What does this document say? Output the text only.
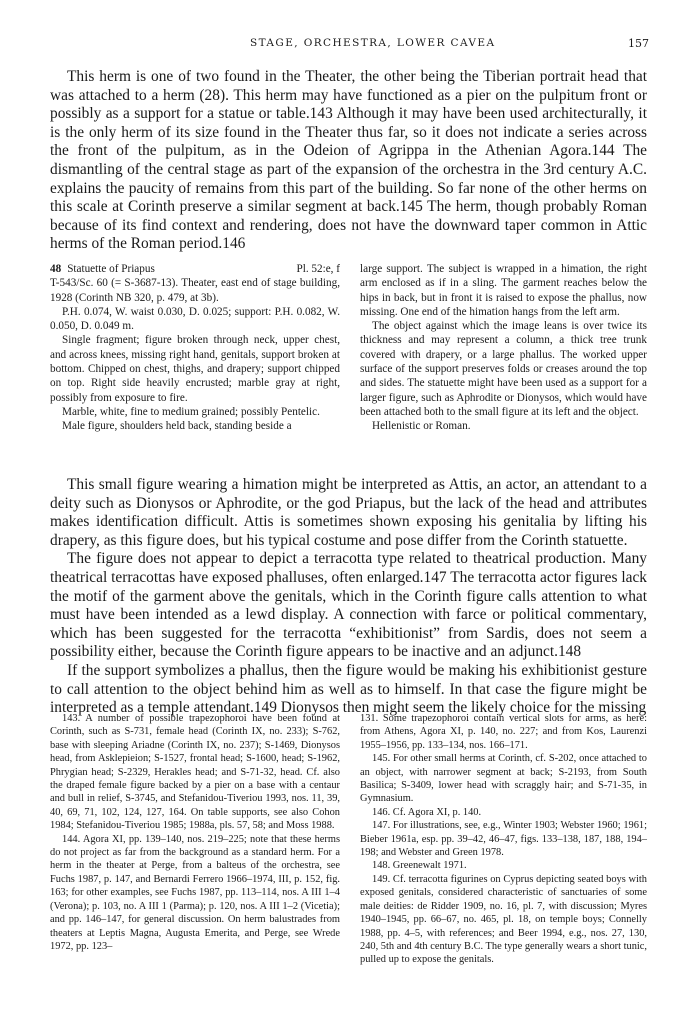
STAGE, ORCHESTRA, LOWER CAVEA	157

This herm is one of two found in the Theater, the other being the Tiberian portrait head that was attached to a herm (28). This herm may have functioned as a pier on the pulpitum front or possibly as a support for a statue or table.143 Although it may have been used architecturally, it is the only herm of its size found in the Theater thus far, so it does not indicate a series across the front of the pulpitum, as in the Odeion of Agrippa in the Athenian Agora.144 The dismantling of the central stage as part of the expansion of the orchestra in the 3rd century A.C. explains the paucity of remains from this part of the building. So far none of the other herms on this scale at Corinth preserve a similar segment at back.145 The herm, though probably Roman because of its find context and rendering, does not have the downward taper common in Attic herms of the Roman period.146

48 Statuette of Priapus	Pl. 52:e, f

T-543/Sc. 60 (= S-3687-13). Theater, east end of stage building, 1928 (Corinth NB 320, p. 479, at 3b).

P.H. 0.074, W. waist 0.030, D. 0.025; support: P.H. 0.082, W. 0.050, D. 0.049 m.

Single fragment; figure broken through neck, upper chest, and across knees, missing right hand, genitals, support broken at bottom. Chipped on chest, thighs, and drapery; support chipped on top. Right side heavily encrusted; marble gray at right, possibly from exposure to fire.

Marble, white, fine to medium grained; possibly Pentelic.

Male figure, shoulders held back, standing beside a

large support. The subject is wrapped in a himation, the right arm enclosed as if in a sling. The garment reaches below the hips in back, but in front it is raised to expose the phallus, now missing. One end of the himation hangs from the left arm.

The object against which the image leans is over twice its thickness and may represent a column, a thick tree trunk covered with drapery, or a large phallus. The worked upper surface of the support preserves folds or creases around the top and sides. The statuette might have been used as a support for a larger figure, such as Aphrodite or Dionysos, which would have been attached both to the small figure at its left and the object.

Hellenistic or Roman.

This small figure wearing a himation might be interpreted as Attis, an actor, an attendant to a deity such as Dionysos or Aphrodite, or the god Priapus, but the lack of the head and attributes makes identification difficult. Attis is sometimes shown exposing his genitalia by lifting his drapery, as this figure does, but his typical costume and pose differ from the Corinth statuette.

The figure does not appear to depict a terracotta type related to theatrical production. Many theatrical terracottas have exposed phalluses, often enlarged.147 The terracotta actor figures lack the motif of the garment above the genitals, which in the Corinth figure calls attention to what must have been intended as a lewd display. A connection with farce or political commentary, which has been suggested for the terracotta “exhibitionist” from Sardis, does not seem a possibility either, because the Corinth figure appears to be inactive and an adjunct.148

If the support symbolizes a phallus, then the figure would be making his exhibitionist gesture to call attention to the object behind him as well as to himself. In that case the figure might be interpreted as a temple attendant.149 Dionysos then might seem the likely choice for the missing

143. A number of possible trapezophoroi have been found at Corinth, such as S-731, female head (Corinth IX, no. 233); S-762, base with sleeping Ariadne (Corinth IX, no. 237); S-1469, Dionysos head, from Asklepieion; S-1527, frontal head; S-1600, head; S-1962, Phrygian head; S-2329, Herakles head; and S-71-32, head. Cf. also the draped female figure backed by a pier on a base with a centaur and bull in relief, S-3745, and Stefanidou-Tiveriou 1993, nos. 11, 39, 40, 69, 71, 102, 124, 127, 164. On table supports, see also Cohon 1984; Stefanidou-Tiveriou 1985; 1988a, pls. 57, 58; and Moss 1988.

144. Agora XI, pp. 139–140, nos. 219–225; note that these herms do not project as far from the background as a standard herm. For a herm in the theater at Perge, from a balteus of the orchestra, see Fuchs 1987, p. 147, and Bernardi Ferrero 1966–1974, III, p. 152, fig. 163; for other examples, see Fuchs 1987, pp. 113–114, nos. A III 1–4 (Verona); p. 103, no. A III 1 (Parma); p. 120, nos. A III 1–2 (Vicetia); and pp. 146–147, for general discussion. On herm balustrades from theaters at Leptis Magna, Augusta Emerita, and Perge, see Wrede 1972, pp. 123–

131. Some trapezophoroi contain vertical slots for arms, as here: from Athens, Agora XI, p. 140, no. 227; and from Kos, Laurenzi 1955–1956, pp. 133–134, nos. 166–171.

145. For other small herms at Corinth, cf. S-202, once attached to an object, with narrower segment at back; S-2193, from South Basilica; S-3409, lower head with scraggly hair; and S-71-35, in Gymnasium.

146. Cf. Agora XI, p. 140.

147. For illustrations, see, e.g., Winter 1903; Webster 1960; 1961; Bieber 1961a, esp. pp. 39–42, 46–47, figs. 133–138, 187, 188, 194–198; and Webster and Green 1978.

148. Greenewalt 1971.

149. Cf. terracotta figurines on Cyprus depicting seated boys with exposed genitals, considered characteristic of sanctuaries of some male deities: de Ridder 1909, no. 16, pl. 7, with discussion; Myres 1940–1945, pp. 66–67, no. 465, pl. 18, on temple boys; Connelly 1988, pp. 4–5, with references; and Beer 1994, e.g., nos. 27, 130, 240, 5th and 4th century B.C. The type generally wears a short tunic, pulled up to expose the genitals.
